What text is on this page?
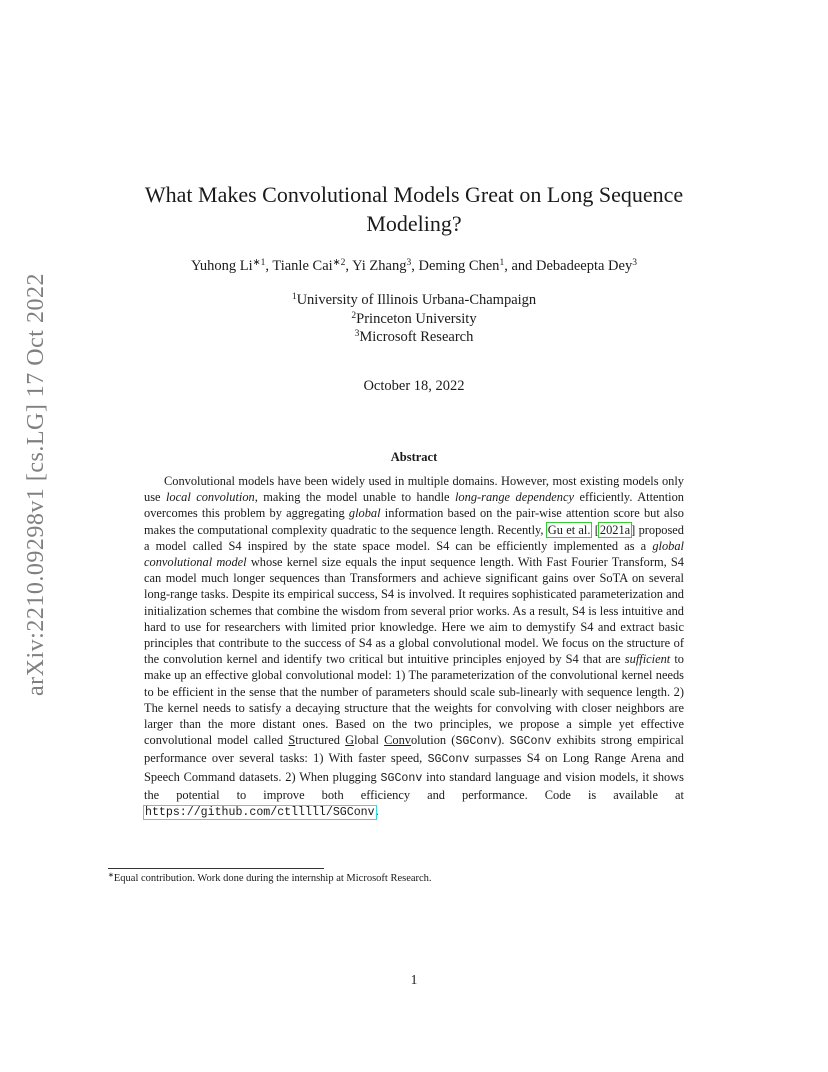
arXiv:2210.09298v1 [cs.LG] 17 Oct 2022
What Makes Convolutional Models Great on Long Sequence Modeling?
Yuhong $Li^{∗1}$, Tianle Cai$^{∗2}$, Yi Zhang$^3$, Deming Chen$^1$, and Debadeepta Dey$^3$
$^1$University of Illinois Urbana-Champaign
$^2$Princeton University
$^3$Microsoft Research
October 18, 2022
Abstract

Convolutional models have been widely used in multiple domains. However, most existing models only use local convolution, making the model unable to handle long-range dependency efficiently. Attention overcomes this problem by aggregating global information based on the pair-wise attention score but also makes the computational complexity quadratic to the sequence length. Recently, Gu et al. [2021a] proposed a model called S4 inspired by the state space model. S4 can be efficiently implemented as a global convolutional model whose kernel size equals the input sequence length. With Fast Fourier Transform, S4 can model much longer sequences than Transformers and achieve significant gains over SoTA on several long-range tasks. Despite its empirical success, S4 is involved. It requires sophisticated parameterization and initialization schemes that combine the wisdom from several prior works. As a result, S4 is less intuitive and hard to use for researchers with limited prior knowledge. Here we aim to demystify S4 and extract basic principles that contribute to the success of S4 as a global convolutional model. We focus on the structure of the convolution kernel and identify two critical but intuitive principles enjoyed by S4 that are sufficient to make up an effective global convolutional model: 1) The parameterization of the convolutional kernel needs to be efficient in the sense that the number of parameters should scale sub-linearly with sequence length. 2) The kernel needs to satisfy a decaying structure that the weights for convolving with closer neighbors are larger than the more distant ones. Based on the two principles, we propose a simple yet effective convolutional model called Structured Global Convolution (SGConv). SGConv exhibits strong empirical performance over several tasks: 1) With faster speed, SGConv surpasses S4 on Long Range Arena and Speech Command datasets. 2) When plugging SGConv into standard language and vision models, it shows the potential to improve both efficiency and performance. Code is available at https://github.com/ctlllll/SGConv.

∗Equal contribution. Work done during the internship at Microsoft Research.
1
